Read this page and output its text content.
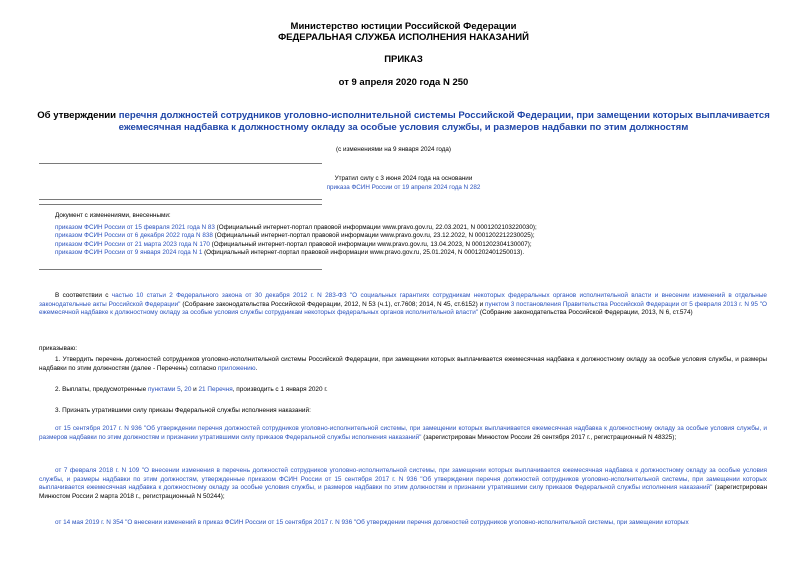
Министерство юстиции Российской Федерации
ФЕДЕРАЛЬНАЯ СЛУЖБА ИСПОЛНЕНИЯ НАКАЗАНИЙ
ПРИКАЗ
от 9 апреля 2020 года N 250
Об утверждении перечня должностей сотрудников уголовно-исполнительной системы Российской Федерации, при замещении которых выплачивается
ежемесячная надбавка к должностному окладу за особые условия службы, и размеров надбавки по этим должностям
(с изменениями на 9 января 2024 года)
Утратил силу с 3 июня 2024 года на основании
приказа ФСИН России от 19 апреля 2024 года N 282

Документ с изменениями, внесенными:

приказом ФСИН России от 15 февраля 2021 года N 83 (Официальный интернет-портал правовой информации www.pravo.gov.ru, 22.03.2021, N 0001202103220030);

приказом ФСИН России от 6 декабря 2022 года N 838 (Официальный интернет-портал правовой информации www.pravo.gov.ru, 23.12.2022, N 0001202212230025);

приказом ФСИН России от 21 марта 2023 года N 170 (Официальный интернет-портал правовой информации www.pravo.gov.ru, 13.04.2023, N 0001202304130007);

приказом ФСИН России от 9 января 2024 года N 1 (Официальный интернет-портал правовой информации www.pravo.gov.ru, 25.01.2024, N 0001202401250013).

В соответствии с частью 10 статьи 2 Федерального закона от 30 декабря 2012 г. N 283-ФЗ "О социальных гарантиях сотрудникам некоторых федеральных органов исполнительной власти и внесении изменений в отдельные законодательные акты Российской Федерации" (Собрание законодательства Российской Федерации, 2012, N 53 (ч.1), ст.7608; 2014, N 45, ст.6152) и пунктом 3 постановления Правительства Российской Федерации от 5 февраля 2013 г. N 95 "О ежемесячной надбавке к должностному окладу за особые условия службы сотрудникам некоторых федеральных органов исполнительной власти" (Собрание законодательства Российской Федерации, 2013, N 6, ст.574)
приказываю:
1. Утвердить перечень должностей сотрудников уголовно-исполнительной системы Российской Федерации, при замещении которых выплачивается ежемесячная надбавка к должностному окладу за особые условия службы, и размеры надбавки по этим должностям (далее - Перечень) согласно приложению.
2. Выплаты, предусмотренные пунктами 5, 20 и 21 Перечня, производить с 1 января 2020 г.
3. Признать утратившими силу приказы Федеральной службы исполнения наказаний:
от 15 сентября 2017 г. N 936 "Об утверждении перечня должностей сотрудников уголовно-исполнительной системы, при замещении которых выплачивается ежемесячная надбавка к должностному окладу за особые условия службы, и размеров надбавки по этим должностям и признании утратившими силу приказов Федеральной службы исполнения наказаний" (зарегистрирован Минюстом России 26 сентября 2017 г., регистрационный N 48325);
от 7 февраля 2018 г. N 109 "О внесении изменения в перечень должностей сотрудников уголовно-исполнительной системы, при замещении которых выплачивается ежемесячная надбавка к должностному окладу за особые условия службы, и размеры надбавки по этим должностям, утвержденные приказом ФСИН России от 15 сентября 2017 г. N 936 "Об утверждении перечня должностей сотрудников уголовно-исполнительной системы, при замещении которых выплачивается ежемесячная надбавка к должностному окладу за особые условия службы, и размеров надбавки по этим должностям и признании утратившими силу приказов Федеральной службы исполнения наказаний" (зарегистрирован Минюстом России 2 марта 2018 г., регистрационный N 50244);
от 14 мая 2019 г. N 354 "О внесении изменений в приказ ФСИН России от 15 сентября 2017 г. N 936 "Об утверждении перечня должностей сотрудников уголовно-исполнительной системы, при замещении которых
